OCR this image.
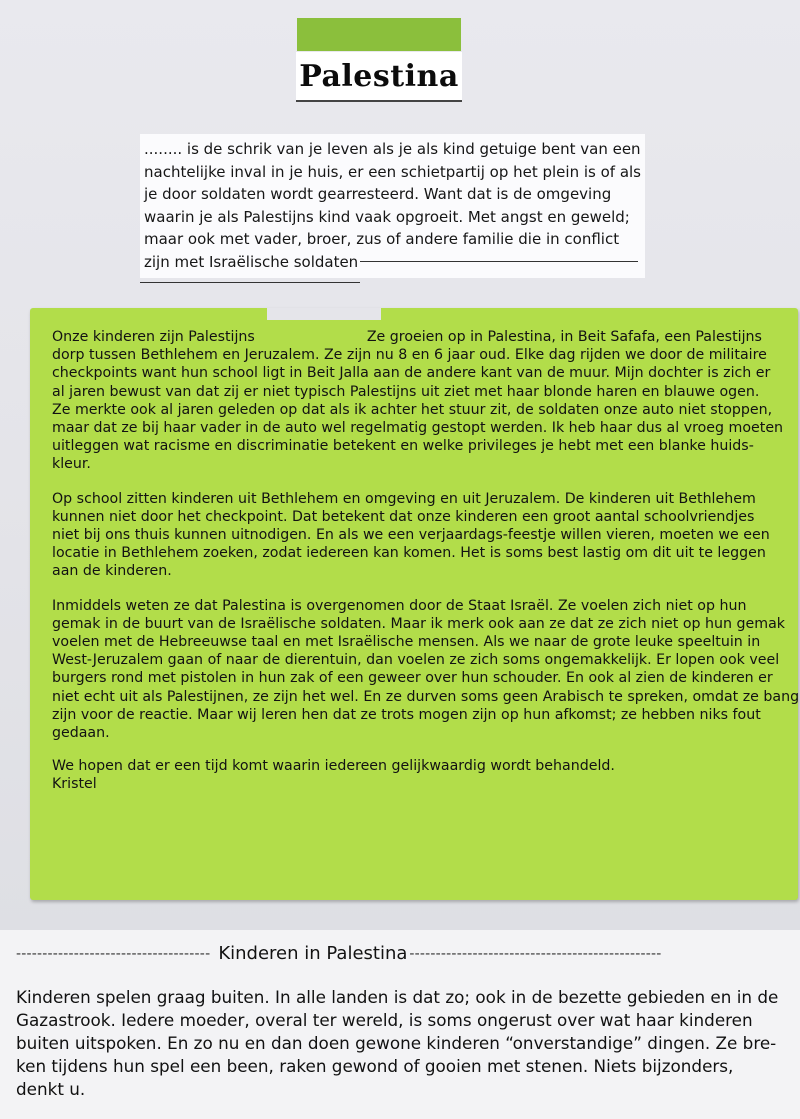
Palestina
........ is de schrik van je leven als je als kind getuige bent van een
nachtelijke inval in je huis, er een schietpartij op het plein is of als
je door soldaten wordt gearresteerd. Want dat is de omgeving
waarin je als Palestijns kind vaak opgroeit. Met angst en geweld;
maar ook met vader, broer, zus of andere familie die in conflict
zijn met Israëlische soldaten
Onze kinderen zijn Palestijns	Ze groeien op in Palestina, in Beit Safafa, een Palestijns
dorp tussen Bethlehem en Jeruzalem. Ze zijn nu 8 en 6 jaar oud. Elke dag rijden we door de militaire
checkpoints want hun school ligt in Beit Jalla aan de andere kant van de muur. Mijn dochter is zich er
al jaren bewust van dat zij er niet typisch Palestijns uit ziet met haar blonde haren en blauwe ogen.
Ze merkte ook al jaren geleden op dat als ik achter het stuur zit, de soldaten onze auto niet stoppen,
maar dat ze bij haar vader in de auto wel regelmatig gestopt werden. Ik heb haar dus al vroeg moeten
uitleggen wat racisme en discriminatie betekent en welke privileges je hebt met een blanke huids-
kleur.
Op school zitten kinderen uit Bethlehem en omgeving en uit Jeruzalem. De kinderen uit Bethlehem
kunnen niet door het checkpoint. Dat betekent dat onze kinderen een groot aantal schoolvriendjes
niet bij ons thuis kunnen uitnodigen. En als we een verjaardags-feestje willen vieren, moeten we een
locatie in Bethlehem zoeken, zodat iedereen kan komen. Het is soms best lastig om dit uit te leggen
aan de kinderen.
Inmiddels weten ze dat Palestina is overgenomen door de Staat Israël. Ze voelen zich niet op hun
gemak in de buurt van de Israëlische soldaten. Maar ik merk ook aan ze dat ze zich niet op hun gemak
voelen met de Hebreeuwse taal en met Israëlische mensen. Als we naar de grote leuke speeltuin in
West-Jeruzalem gaan of naar de dierentuin, dan voelen ze zich soms ongemakkelijk. Er lopen ook veel
burgers rond met pistolen in hun zak of een geweer over hun schouder. En ook al zien de kinderen er
niet echt uit als Palestijnen, ze zijn het wel. En ze durven soms geen Arabisch te spreken, omdat ze bang
zijn voor de reactie. Maar wij leren hen dat ze trots mogen zijn op hun afkomst; ze hebben niks fout
gedaan.
We hopen dat er een tijd komt waarin iedereen gelijkwaardig wordt behandeld.
Kristel
------------------------------------- Kinderen in Palestina ------------------------------------------------
Kinderen spelen graag buiten. In alle landen is dat zo; ook in de bezette gebieden en in de
Gazastrook. Iedere moeder, overal ter wereld, is soms ongerust over wat haar kinderen
buiten uitspoken. En zo nu en dan doen gewone kinderen “onverstandige” dingen. Ze bre-
ken tijdens hun spel een been, raken gewond of gooien met stenen. Niets bijzonders,
denkt u.
